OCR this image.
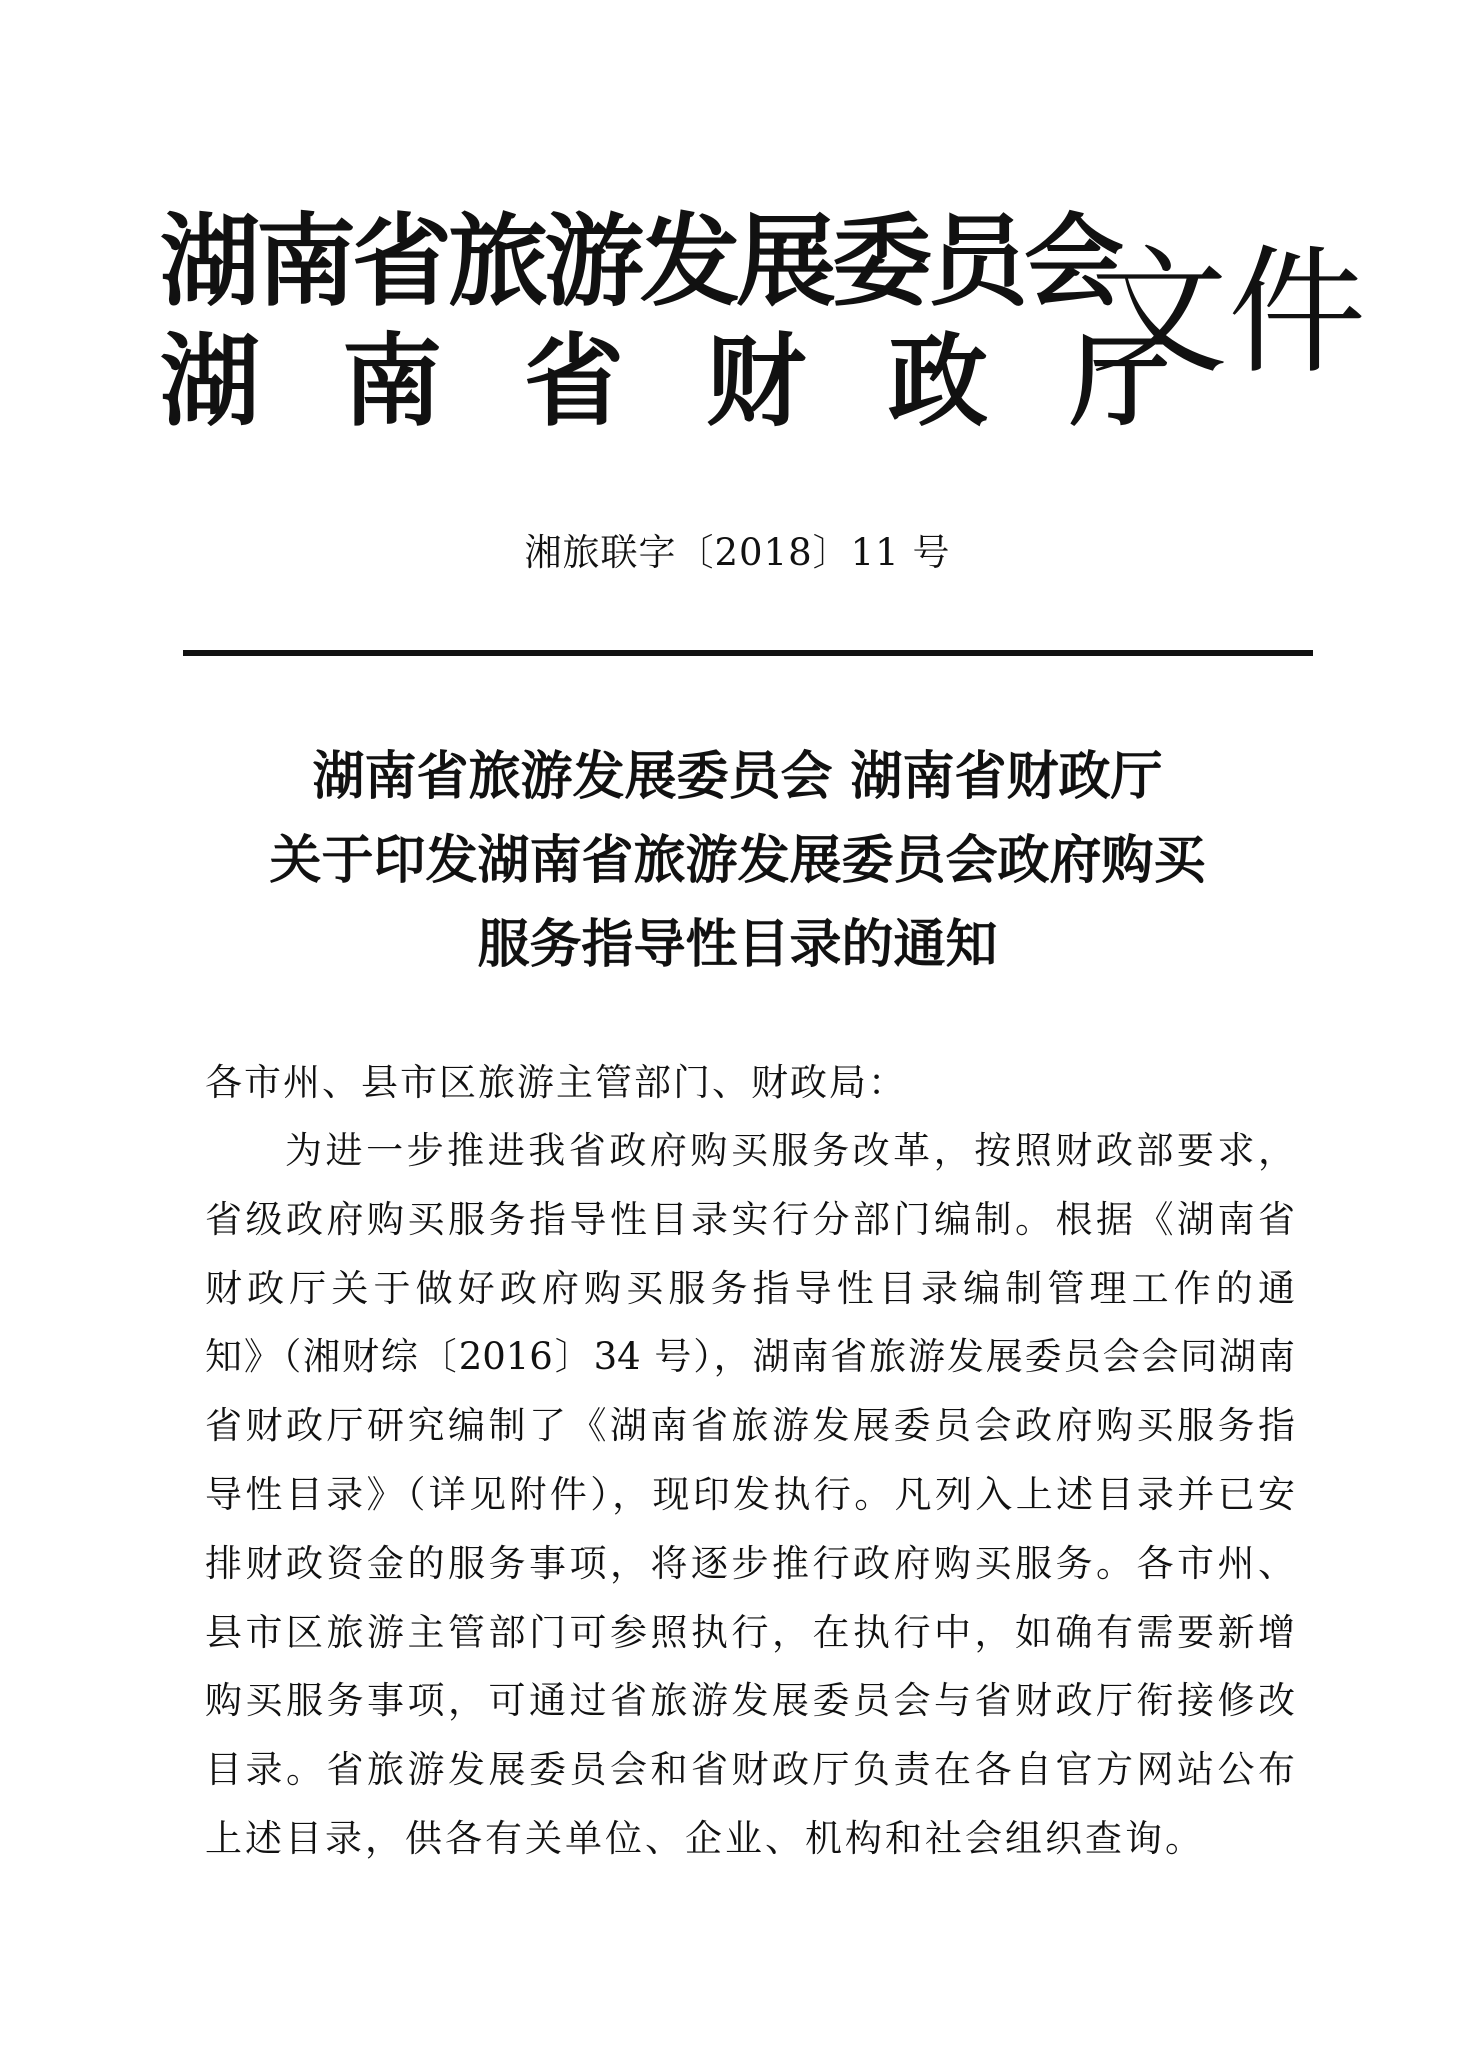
湖南省旅游发展委员会
湖南省财政厅
文件
湘旅联字〔2018〕11 号
湖南省旅游发展委员会 湖南省财政厅
关于印发湖南省旅游发展委员会政府购买
服务指导性目录的通知
各市州、县市区旅游主管部门、财政局：
为进一步推进我省政府购买服务改革，按照财政部要求，
省级政府购买服务指导性目录实行分部门编制。根据《湖南省
财政厅关于做好政府购买服务指导性目录编制管理工作的通
知》（湘财综〔2016〕34 号），湖南省旅游发展委员会会同湖南
省财政厅研究编制了《湖南省旅游发展委员会政府购买服务指
导性目录》（详见附件），现印发执行。凡列入上述目录并已安
排财政资金的服务事项，将逐步推行政府购买服务。各市州、
县市区旅游主管部门可参照执行，在执行中，如确有需要新增
购买服务事项，可通过省旅游发展委员会与省财政厅衔接修改
目录。省旅游发展委员会和省财政厅负责在各自官方网站公布
上述目录，供各有关单位、企业、机构和社会组织查询。
